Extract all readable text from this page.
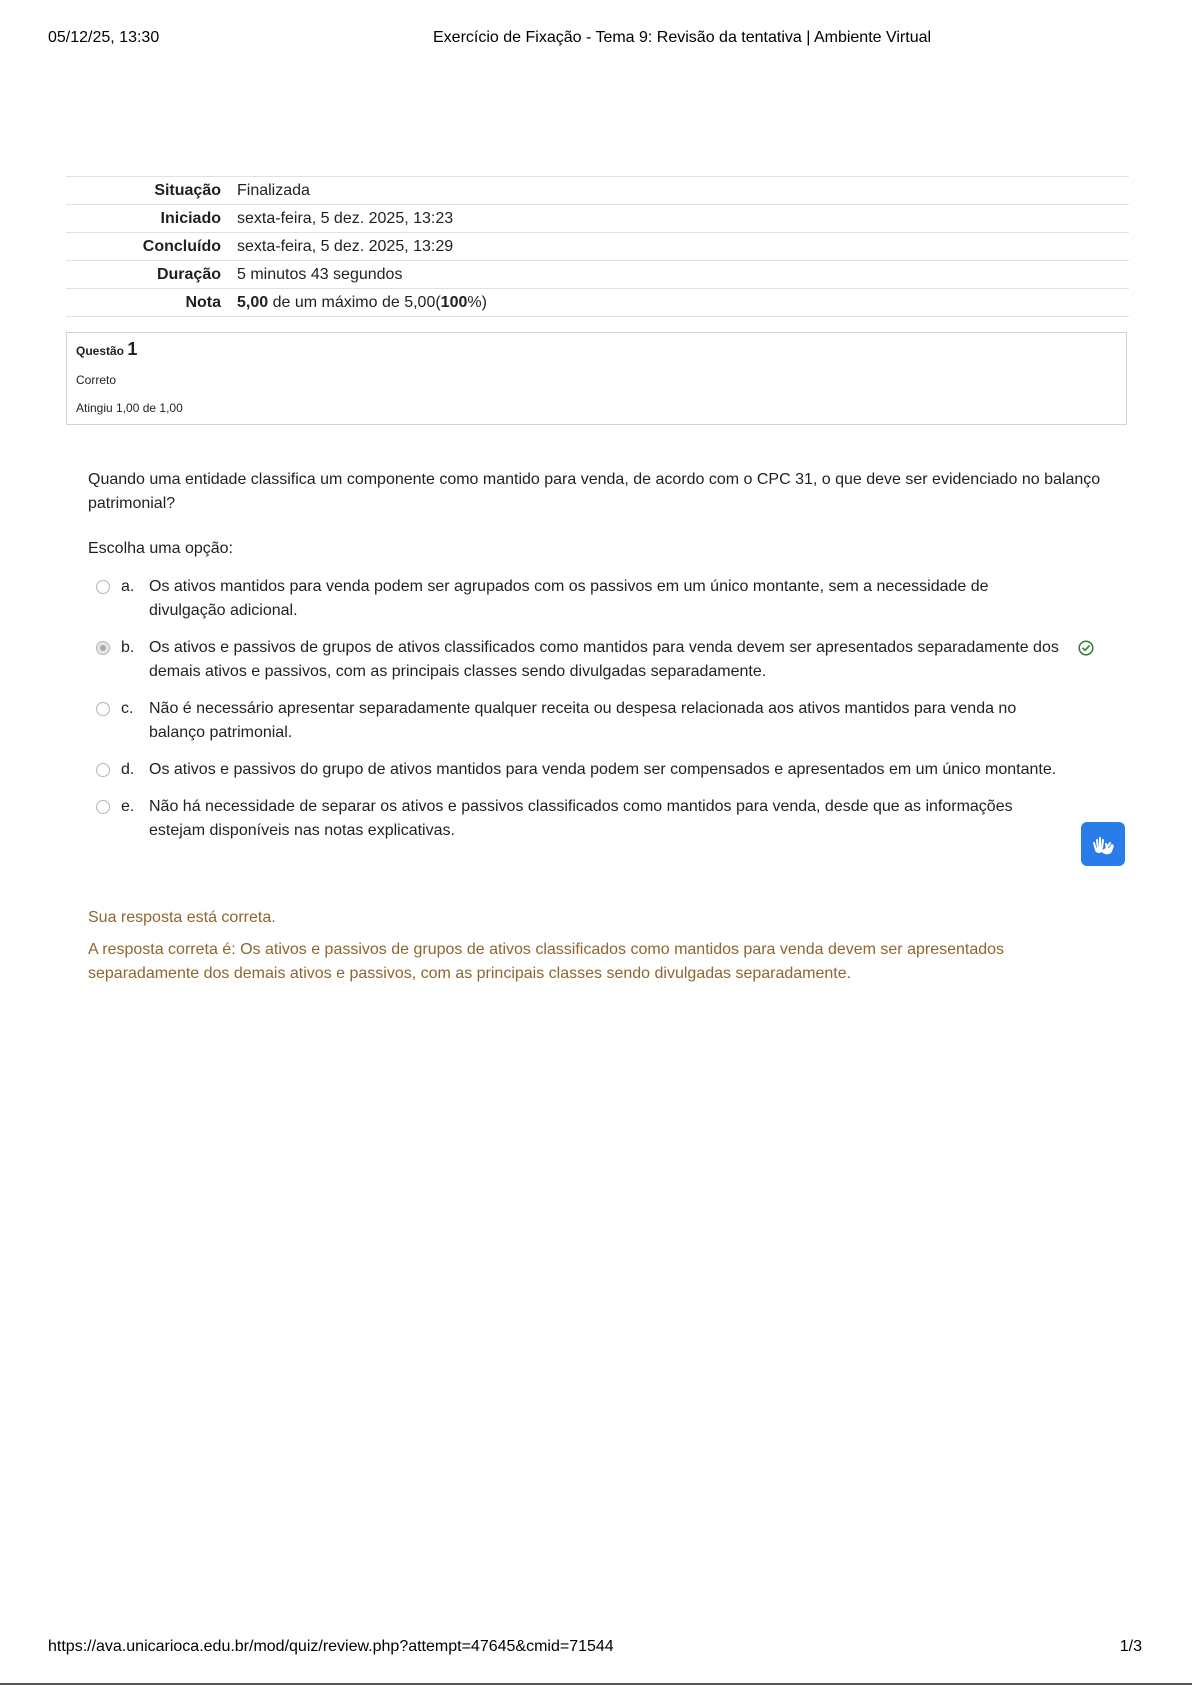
05/12/25, 13:30	Exercício de Fixação - Tema 9: Revisão da tentativa | Ambiente Virtual
Situação	Finalizada
Iniciado	sexta-feira, 5 dez. 2025, 13:23
Concluído	sexta-feira, 5 dez. 2025, 13:29
Duração	5 minutos 43 segundos
Nota	5,00 de um máximo de 5,00(100%)
Questão 1
Correto
Atingiu 1,00 de 1,00
Quando uma entidade classifica um componente como mantido para venda, de acordo com o CPC 31, o que deve ser evidenciado no balanço patrimonial?
Escolha uma opção:
a. Os ativos mantidos para venda podem ser agrupados com os passivos em um único montante, sem a necessidade de divulgação adicional.
b. Os ativos e passivos de grupos de ativos classificados como mantidos para venda devem ser apresentados separadamente dos demais ativos e passivos, com as principais classes sendo divulgadas separadamente.
c. Não é necessário apresentar separadamente qualquer receita ou despesa relacionada aos ativos mantidos para venda no balanço patrimonial.
d. Os ativos e passivos do grupo de ativos mantidos para venda podem ser compensados e apresentados em um único montante.
e. Não há necessidade de separar os ativos e passivos classificados como mantidos para venda, desde que as informações estejam disponíveis nas notas explicativas.
Sua resposta está correta.
A resposta correta é: Os ativos e passivos de grupos de ativos classificados como mantidos para venda devem ser apresentados separadamente dos demais ativos e passivos, com as principais classes sendo divulgadas separadamente.
https://ava.unicarioca.edu.br/mod/quiz/review.php?attempt=47645&cmid=71544	1/3
